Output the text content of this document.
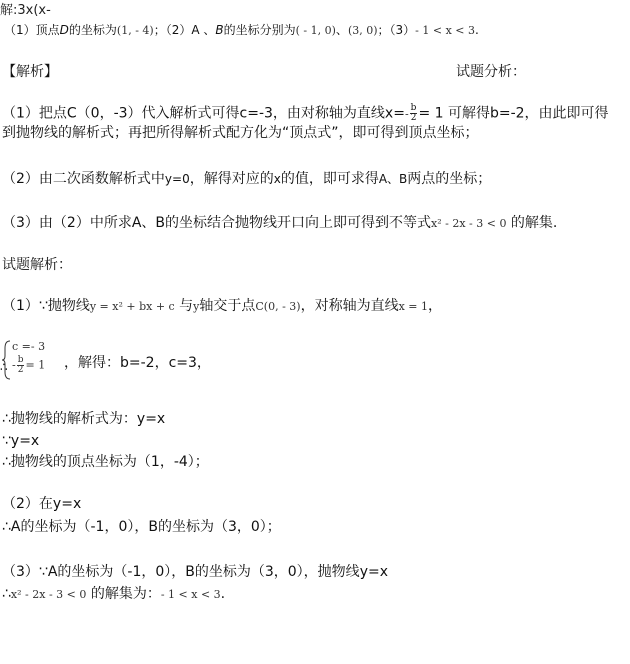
解:3x(x-
（1）顶点D的坐标为(1, - 4)；（2）A 、B的坐标分别为( - 1, 0)、(3, 0)；（3）- 1 < x < 3.
【解析】	试题分析：
（1）把点C（0，-3）代入解析式可得c=-3，由对称轴为直线$x=- \frac{b}{2} = 1$ 可解得b=-2，由此即可得
到抛物线的解析式；再把所得解析式配方化为“顶点式”，即可得到顶点坐标；
（2）由二次函数解析式中y=0，解得对应的x的值，即可求得A、B两点的坐标；
（3）由（2）中所求A、B的坐标结合抛物线开口向上即可得到不等式x² - 2x - 3 < 0 的解集.
试题解析：
（1）∵抛物线y = x² + bx + c 与y轴交于点C(0, - 3)，对称轴为直线x = 1，
∴
c =- 3
- $\frac{b}{2} = 1$ ，解得：b=-2，c=3，
∴抛物线的解析式为：y=x
∵y=x
∴抛物线的顶点坐标为（1，-4）；
（2）在y=x
∴A的坐标为（-1，0），B的坐标为（3，0）；
（3）∵A的坐标为（-1，0），B的坐标为（3，0），抛物线y=x
∴x² - 2x - 3 < 0 的解集为：- 1 < x < 3.
